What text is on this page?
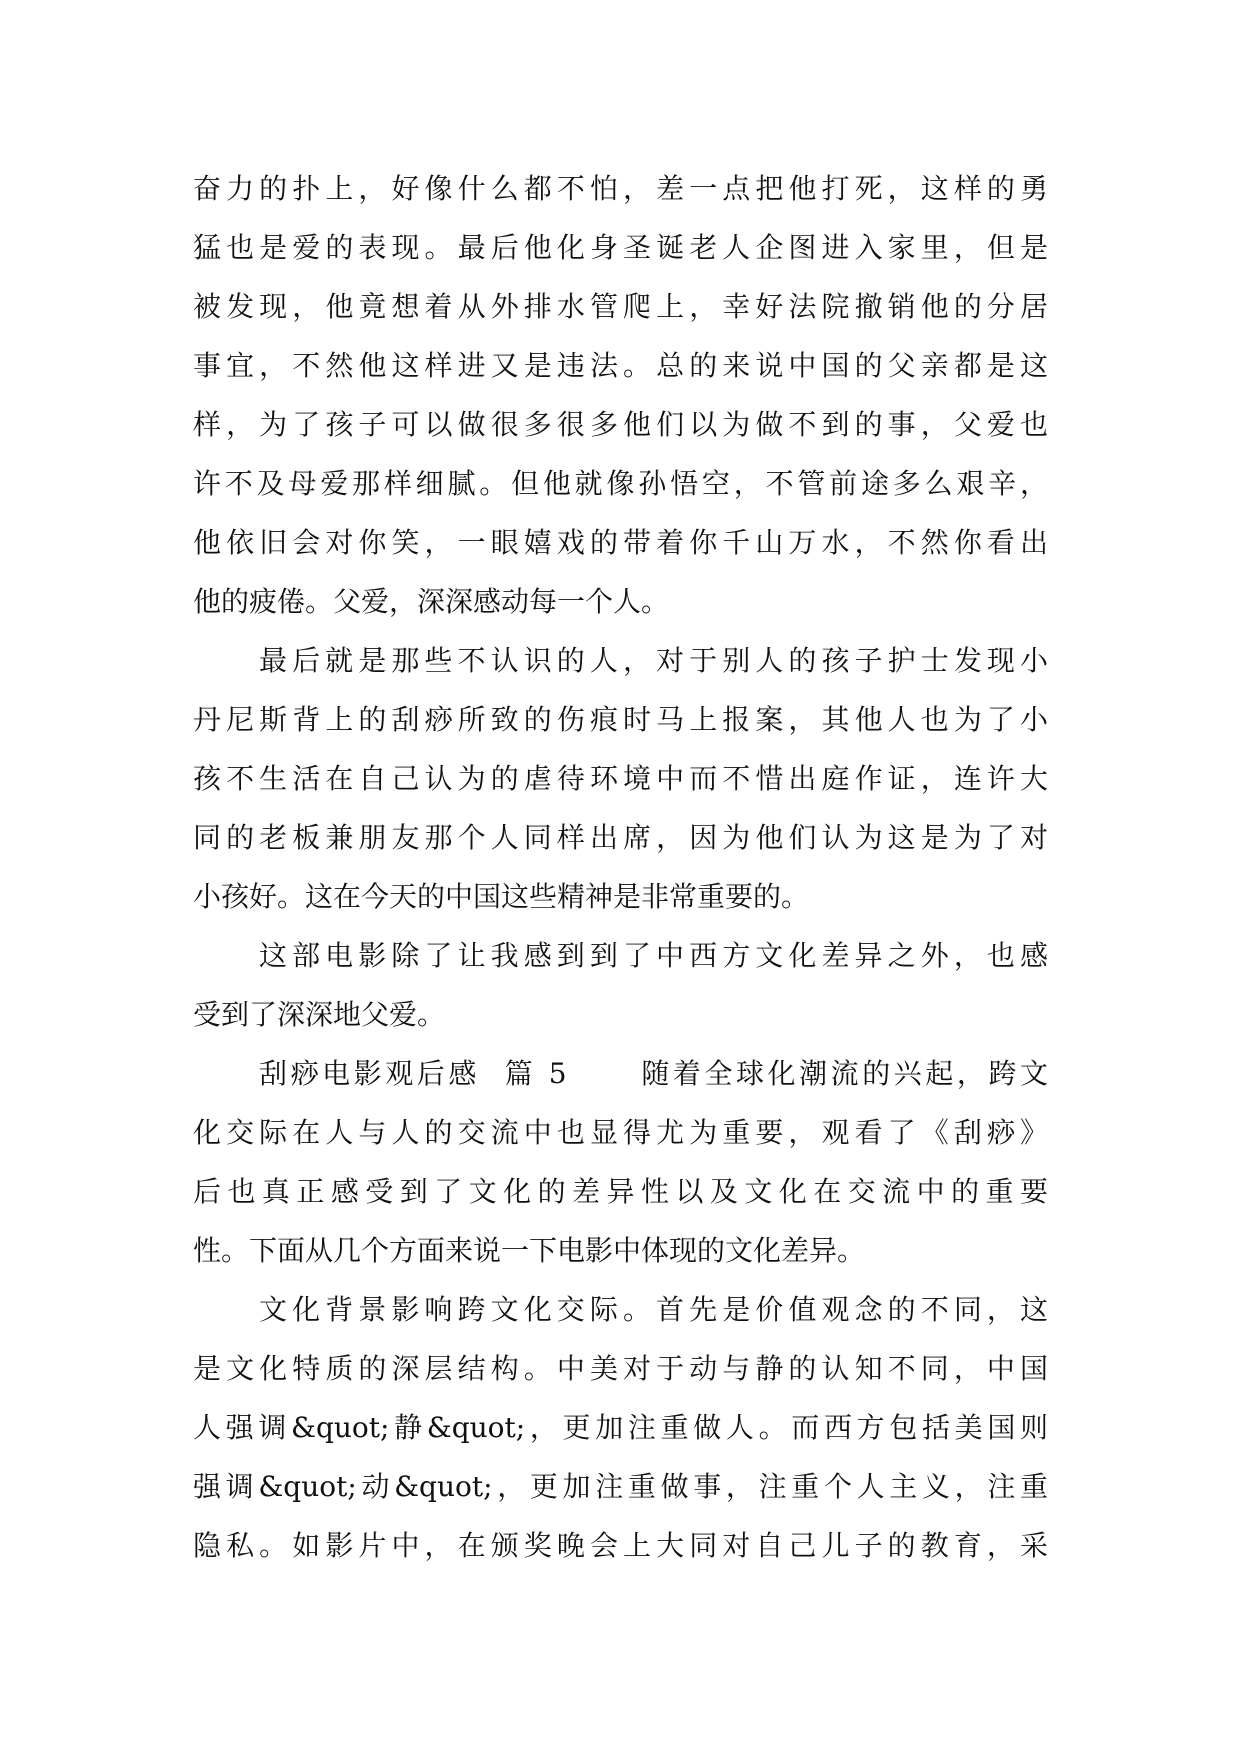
奋力的扑上，好像什么都不怕，差一点把他打死，这样的勇
猛也是爱的表现。最后他化身圣诞老人企图进入家里，但是
被发现，他竟想着从外排水管爬上，幸好法院撤销他的分居
事宜，不然他这样进又是违法。总的来说中国的父亲都是这
样，为了孩子可以做很多很多他们以为做不到的事，父爱也
许不及母爱那样细腻。但他就像孙悟空，不管前途多么艰辛，
他依旧会对你笑，一眼嬉戏的带着你千山万水，不然你看出
他的疲倦。父爱，深深感动每一个人。
最后就是那些不认识的人，对于别人的孩子护士发现小
丹尼斯背上的刮痧所致的伤痕时马上报案，其他人也为了小
孩不生活在自己认为的虐待环境中而不惜出庭作证，连许大
同的老板兼朋友那个人同样出席，因为他们认为这是为了对
小孩好。这在今天的中国这些精神是非常重要的。
这部电影除了让我感到到了中西方文化差异之外，也感
受到了深深地父爱。
刮痧电影观后感  篇 5      随着全球化潮流的兴起，跨文
化交际在人与人的交流中也显得尤为重要，观看了《刮痧》
后也真正感受到了文化的差异性以及文化在交流中的重要
性。下面从几个方面来说一下电影中体现的文化差异。
文化背景影响跨文化交际。首先是价值观念的不同，这
是文化特质的深层结构。中美对于动与静的认知不同，中国
人强调&quot;静&quot;，更加注重做人。而西方包括美国则
强调&quot;动&quot;，更加注重做事，注重个人主义，注重
隐私。如影片中，在颁奖晚会上大同对自己儿子的教育，采
